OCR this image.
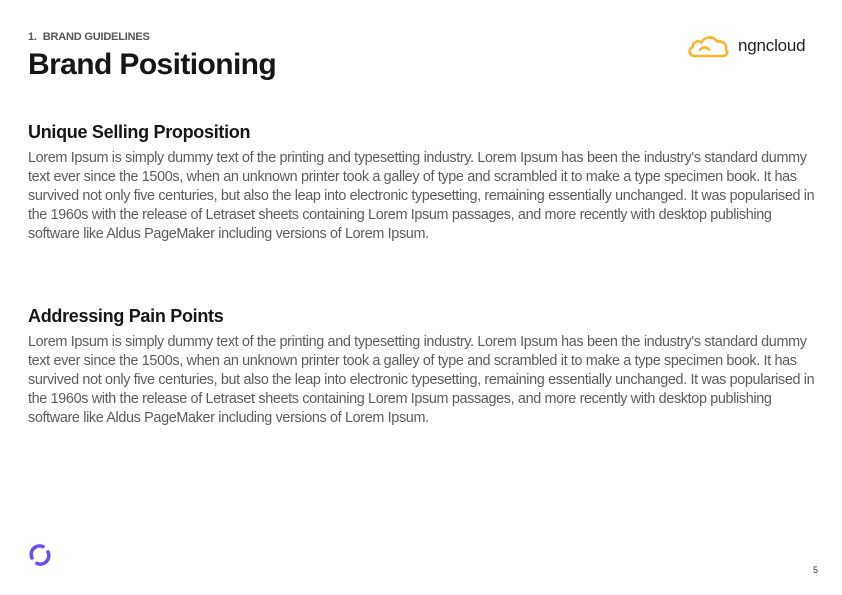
1. BRAND GUIDELINES
Brand Positioning
ngncloud
Unique Selling Proposition

Lorem Ipsum is simply dummy text of the printing and typesetting industry. Lorem Ipsum has been the industry's standard dummy text ever since the 1500s, when an unknown printer took a galley of type and scrambled it to make a type specimen book. It has survived not only five centuries, but also the leap into electronic typesetting, remaining essentially unchanged. It was popularised in the 1960s with the release of Letraset sheets containing Lorem Ipsum passages, and more recently with desktop publishing software like Aldus PageMaker including versions of Lorem Ipsum.

Addressing Pain Points

Lorem Ipsum is simply dummy text of the printing and typesetting industry. Lorem Ipsum has been the industry's standard dummy text ever since the 1500s, when an unknown printer took a galley of type and scrambled it to make a type specimen book. It has survived not only five centuries, but also the leap into electronic typesetting, remaining essentially unchanged. It was popularised in the 1960s with the release of Letraset sheets containing Lorem Ipsum passages, and more recently with desktop publishing software like Aldus PageMaker including versions of Lorem Ipsum.

5
